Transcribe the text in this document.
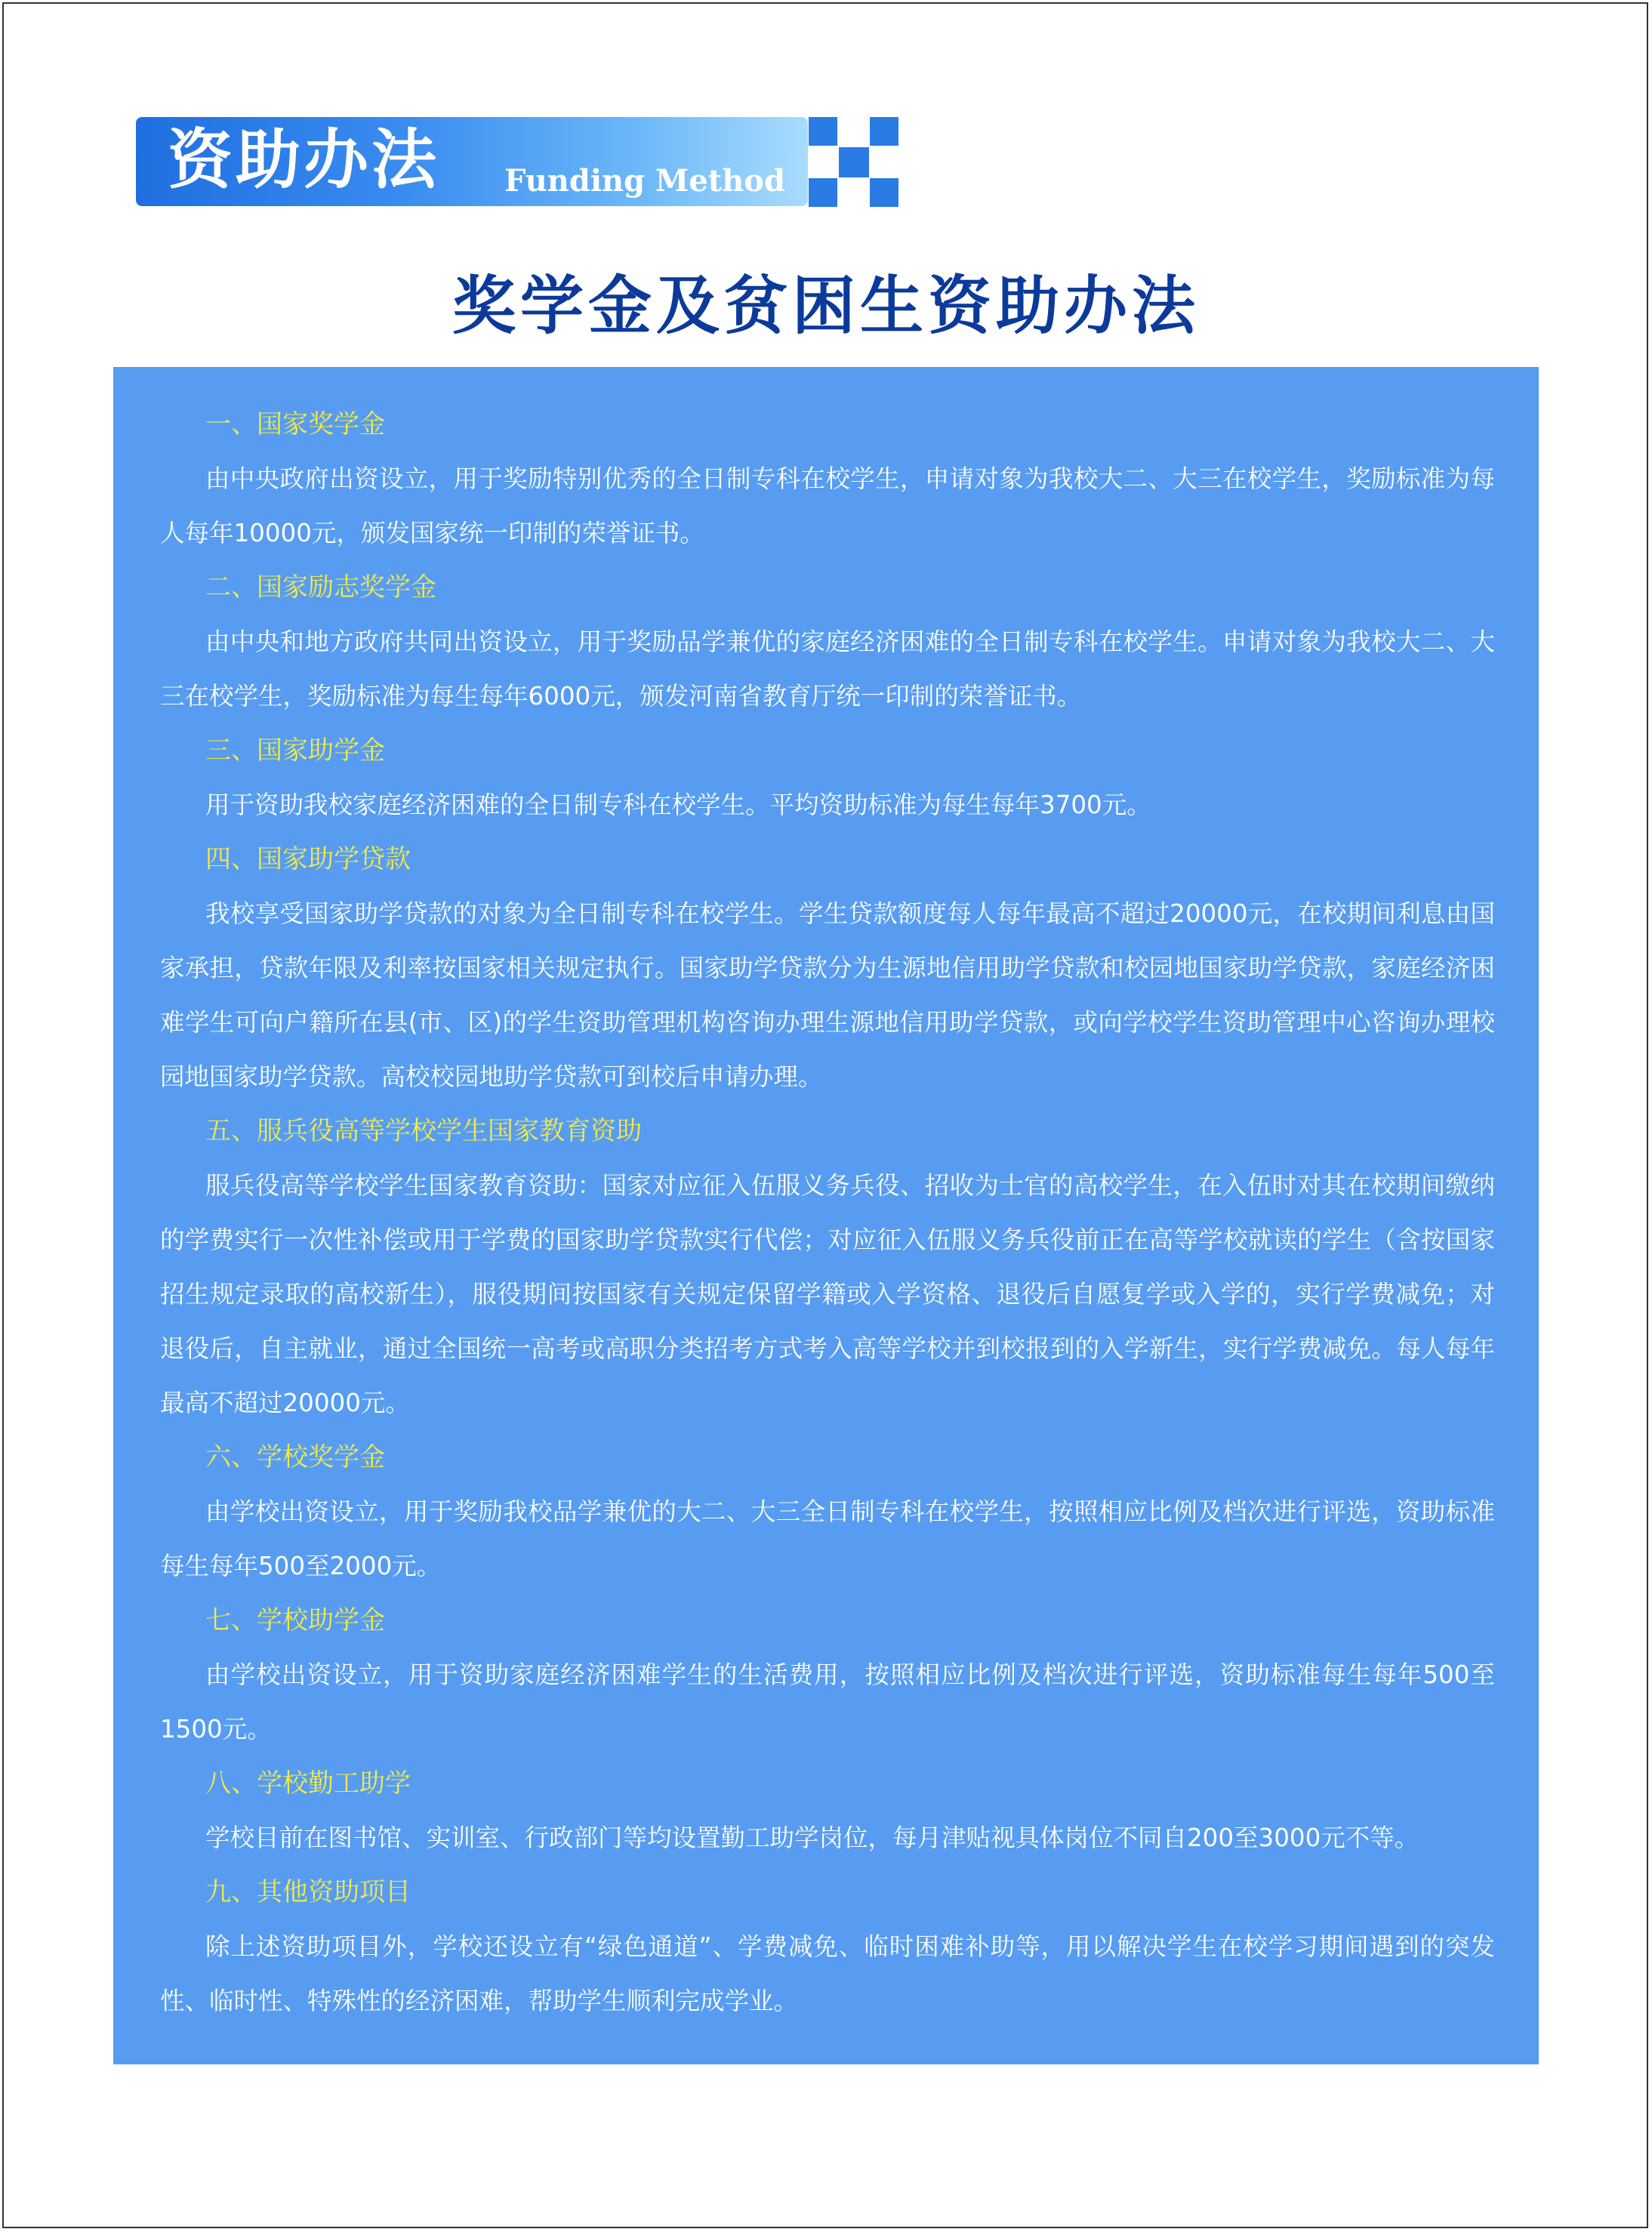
资助办法 Funding Method
奖学金及贫困生资助办法
一、国家奖学金

由中央政府出资设立，用于奖励特别优秀的全日制专科在校学生，申请对象为我校大二、大三在校学生，奖励标准为每人每年10000元，颁发国家统一印制的荣誉证书。

二、国家励志奖学金

由中央和地方政府共同出资设立，用于奖励品学兼优的家庭经济困难的全日制专科在校学生。申请对象为我校大二、大三在校学生，奖励标准为每生每年6000元，颁发河南省教育厅统一印制的荣誉证书。

三、国家助学金

用于资助我校家庭经济困难的全日制专科在校学生。平均资助标准为每生每年3700元。

四、国家助学贷款

我校享受国家助学贷款的对象为全日制专科在校学生。学生贷款额度每人每年最高不超过20000元，在校期间利息由国家承担，贷款年限及利率按国家相关规定执行。国家助学贷款分为生源地信用助学贷款和校园地国家助学贷款，家庭经济困难学生可向户籍所在县(市、区)的学生资助管理机构咨询办理生源地信用助学贷款，或向学校学生资助管理中心咨询办理校园地国家助学贷款。高校校园地助学贷款可到校后申请办理。

五、服兵役高等学校学生国家教育资助

服兵役高等学校学生国家教育资助：国家对应征入伍服义务兵役、招收为士官的高校学生，在入伍时对其在校期间缴纳的学费实行一次性补偿或用于学费的国家助学贷款实行代偿；对应征入伍服义务兵役前正在高等学校就读的学生（含按国家招生规定录取的高校新生），服役期间按国家有关规定保留学籍或入学资格、退役后自愿复学或入学的，实行学费减免；对退役后，自主就业，通过全国统一高考或高职分类招考方式考入高等学校并到校报到的入学新生，实行学费减免。每人每年最高不超过20000元。

六、学校奖学金

由学校出资设立，用于奖励我校品学兼优的大二、大三全日制专科在校学生，按照相应比例及档次进行评选，资助标准每生每年500至2000元。

七、学校助学金

由学校出资设立，用于资助家庭经济困难学生的生活费用，按照相应比例及档次进行评选，资助标准每生每年500至1500元。

八、学校勤工助学

学校目前在图书馆、实训室、行政部门等均设置勤工助学岗位，每月津贴视具体岗位不同自200至3000元不等。

九、其他资助项目

除上述资助项目外，学校还设立有“绿色通道”、学费减免、临时困难补助等，用以解决学生在校学习期间遇到的突发性、临时性、特殊性的经济困难，帮助学生顺利完成学业。
